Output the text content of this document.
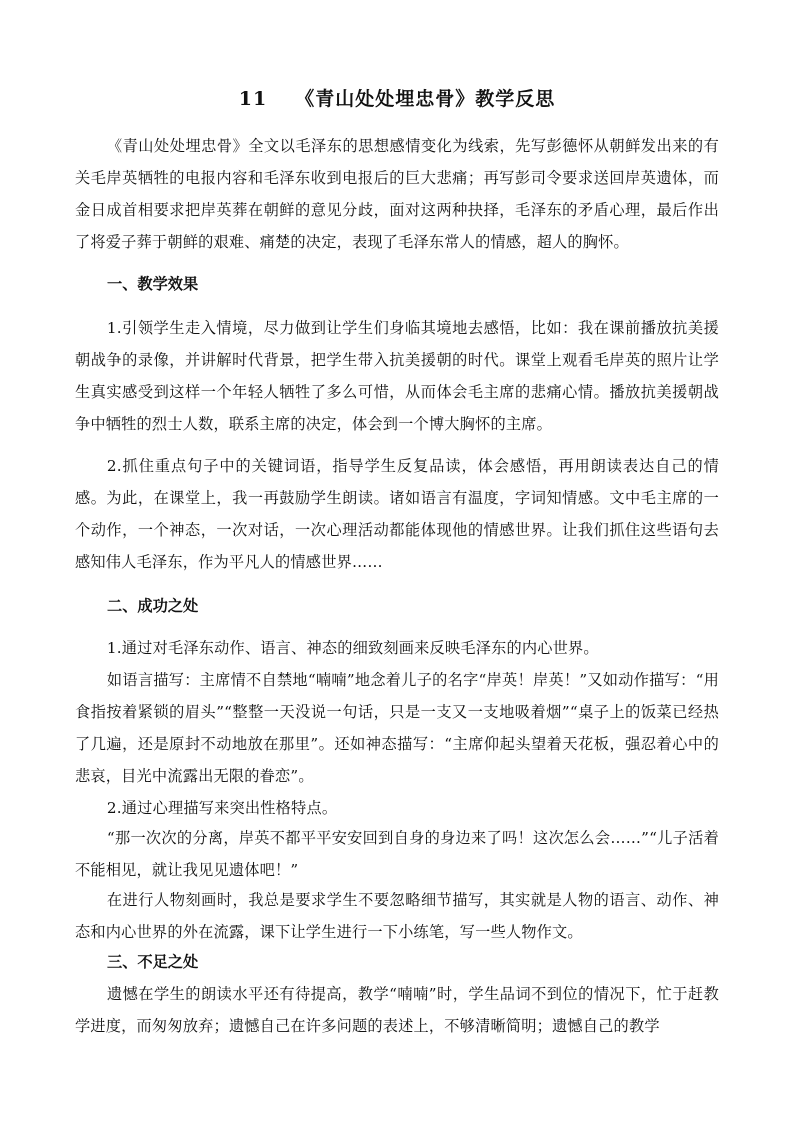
11 《青山处处埋忠骨》教学反思

《青山处处埋忠骨》全文以毛泽东的思想感情变化为线索，先写彭德怀从朝鲜发出来的有关毛岸英牺牲的电报内容和毛泽东收到电报后的巨大悲痛；再写彭司令要求送回岸英遗体，而金日成首相要求把岸英葬在朝鲜的意见分歧，面对这两种抉择，毛泽东的矛盾心理，最后作出了将爱子葬于朝鲜的艰难、痛楚的决定，表现了毛泽东常人的情感，超人的胸怀。

一、教学效果

1.引领学生走入情境，尽力做到让学生们身临其境地去感悟，比如：我在课前播放抗美援朝战争的录像，并讲解时代背景，把学生带入抗美援朝的时代。课堂上观看毛岸英的照片让学生真实感受到这样一个年轻人牺牲了多么可惜，从而体会毛主席的悲痛心情。播放抗美援朝战争中牺牲的烈士人数，联系主席的决定，体会到一个博大胸怀的主席。

2.抓住重点句子中的关键词语，指导学生反复品读，体会感悟，再用朗读表达自己的情感。为此，在课堂上，我一再鼓励学生朗读。诸如语言有温度，字词知情感。文中毛主席的一个动作，一个神态，一次对话，一次心理活动都能体现他的情感世界。让我们抓住这些语句去感知伟人毛泽东，作为平凡人的情感世界……

二、成功之处

1.通过对毛泽东动作、语言、神态的细致刻画来反映毛泽东的内心世界。

如语言描写：主席情不自禁地“喃喃”地念着儿子的名字“岸英！岸英！”又如动作描写：“用食指按着紧锁的眉头”“整整一天没说一句话，只是一支又一支地吸着烟”“桌子上的饭菜已经热了几遍，还是原封不动地放在那里”。还如神态描写：“主席仰起头望着天花板，强忍着心中的悲哀，目光中流露出无限的眷恋”。

2.通过心理描写来突出性格特点。

“那一次次的分离，岸英不都平平安安回到自身的身边来了吗！这次怎么会……”“儿子活着不能相见，就让我见见遗体吧！”

在进行人物刻画时，我总是要求学生不要忽略细节描写，其实就是人物的语言、动作、神态和内心世界的外在流露，课下让学生进行一下小练笔，写一些人物作文。

三、不足之处

遗憾在学生的朗读水平还有待提高，教学“喃喃”时，学生品词不到位的情况下，忙于赶教学进度，而匆匆放弃；遗憾自己在许多问题的表述上，不够清晰简明；遗憾自己的教学
